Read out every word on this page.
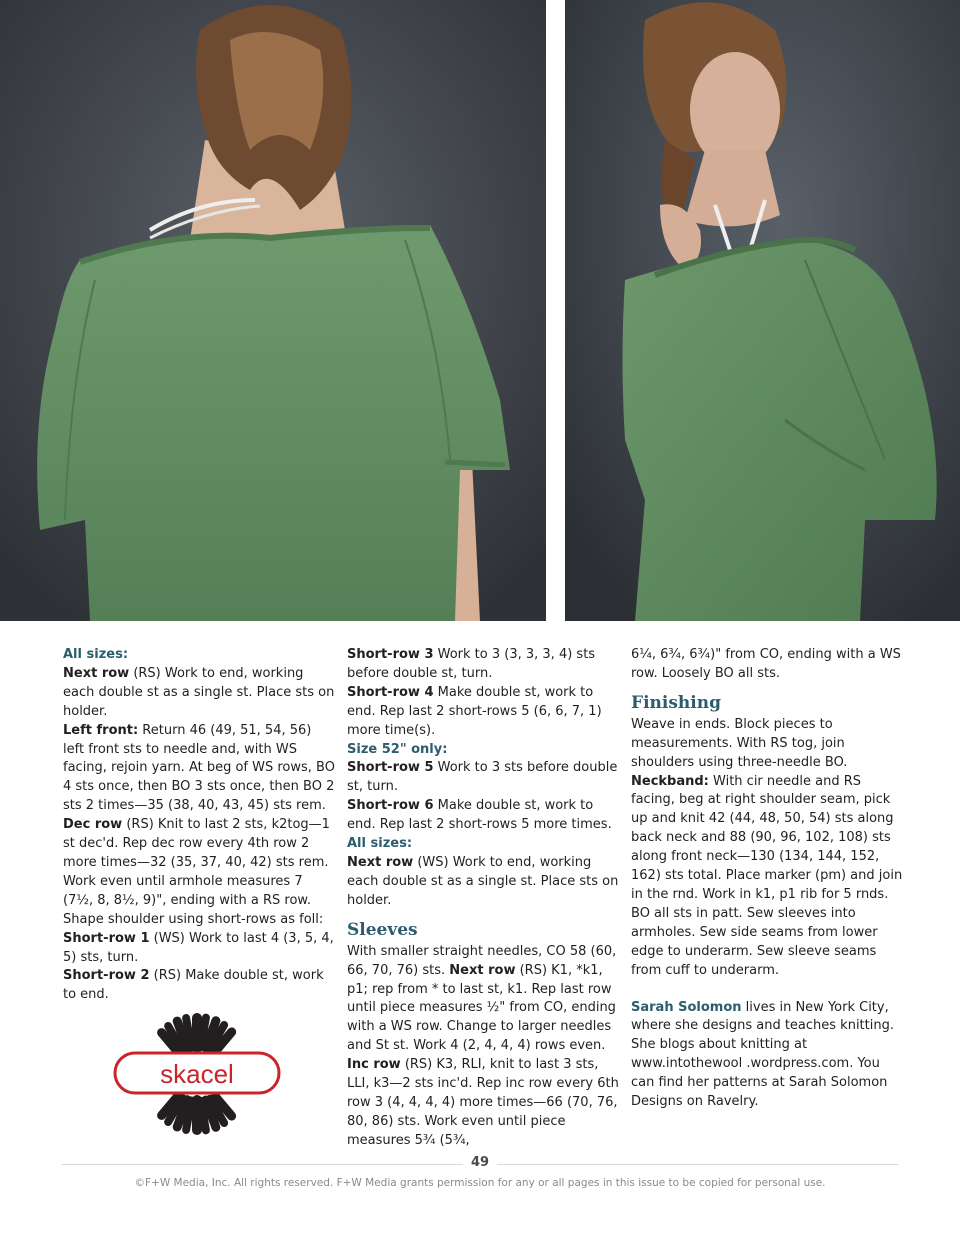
All sizes:

Next row (RS) Work to end, working each double st as a single st. Place sts on holder.

Left front: Return 46 (49, 51, 54, 56) left front sts to needle and, with WS facing, rejoin yarn. At beg of WS rows, BO 4 sts once, then BO 3 sts once, then BO 2 sts 2 times—35 (38, 40, 43, 45) sts rem. Dec row (RS) Knit to last 2 sts, k2tog—1 st dec'd. Rep dec row every 4th row 2 more times—32 (35, 37, 40, 42) sts rem. Work even until armhole measures 7 (7½, 8, 8½, 9)", ending with a RS row. Shape shoulder using short-rows as foll:

Short-row 1 (WS) Work to last 4 (3, 5, 4, 5) sts, turn.

Short-row 2 (RS) Make double st, work to end.

skacel

Short-row 3 Work to 3 (3, 3, 3, 4) sts before double st, turn.

Short-row 4 Make double st, work to end. Rep last 2 short-rows 5 (6, 6, 7, 1) more time(s).

Size 52" only:

Short-row 5 Work to 3 sts before double st, turn.

Short-row 6 Make double st, work to end. Rep last 2 short-rows 5 more times.

All sizes:

Next row (WS) Work to end, working each double st as a single st. Place sts on holder.

Sleeves

With smaller straight needles, CO 58 (60, 66, 70, 76) sts. Next row (RS) K1, *k1, p1; rep from * to last st, k1. Rep last row until piece measures ½" from CO, ending with a WS row. Change to larger needles and St st. Work 4 (2, 4, 4, 4) rows even. Inc row (RS) K3, RLI, knit to last 3 sts, LLI, k3—2 sts inc'd. Rep inc row every 6th row 3 (4, 4, 4, 4) more times—66 (70, 76, 80, 86) sts. Work even until piece measures 5¾ (5¾,

6¼, 6¾, 6¾)" from CO, ending with a WS row. Loosely BO all sts.

Finishing

Weave in ends. Block pieces to measurements. With RS tog, join shoulders using three-needle BO. Neckband: With cir needle and RS facing, beg at right shoulder seam, pick up and knit 42 (44, 48, 50, 54) sts along back neck and 88 (90, 96, 102, 108) sts along front neck—130 (134, 144, 152, 162) sts total. Place marker (pm) and join in the rnd. Work in k1, p1 rib for 5 rnds. BO all sts in patt. Sew sleeves into armholes. Sew side seams from lower edge to underarm. Sew sleeve seams from cuff to underarm.

Sarah Solomon lives in New York City, where she designs and teaches knitting. She blogs about knitting at www.intothewool .wordpress.com. You can find her patterns at Sarah Solomon Designs on Ravelry.

49
©F+W Media, Inc. All rights reserved. F+W Media grants permission for any or all pages in this issue to be copied for personal use.
